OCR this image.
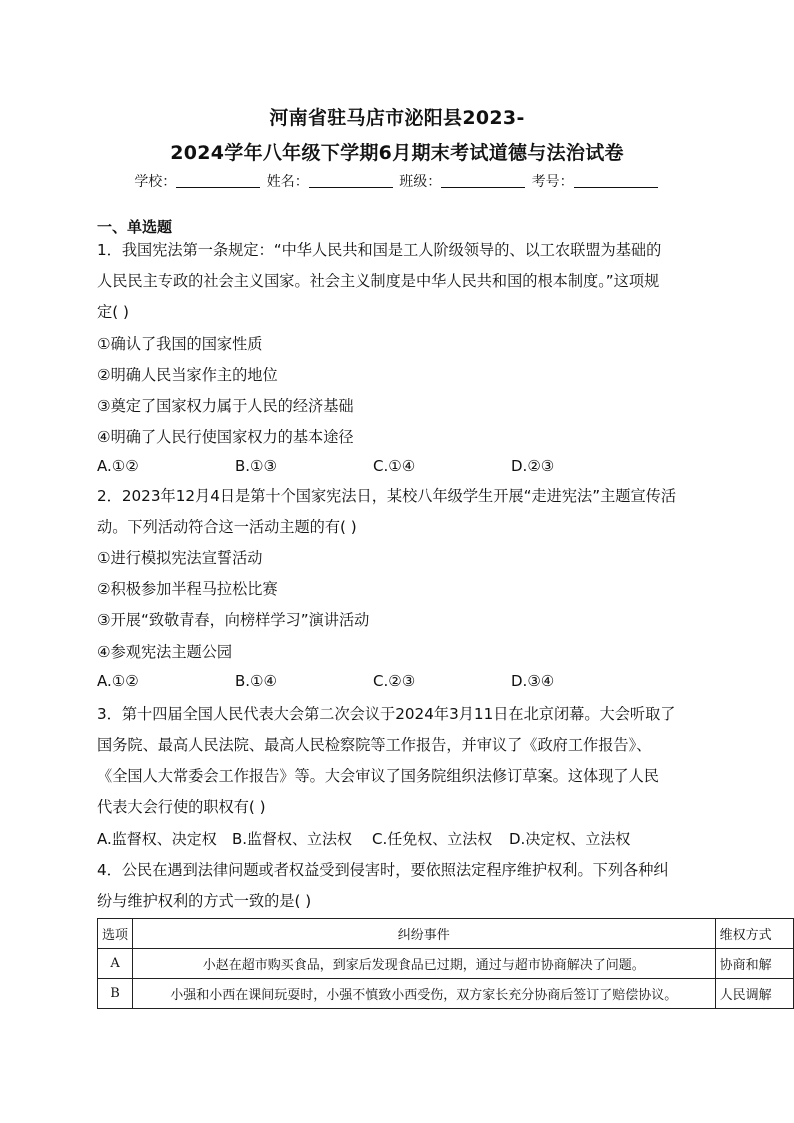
河南省驻马店市泌阳县2023-
2024学年八年级下学期6月期末考试道德与法治试卷
学校：	姓名：	班级：	考号：
一、单选题
1．我国宪法第一条规定：“中华人民共和国是工人阶级领导的、以工农联盟为基础的
人民民主专政的社会主义国家。社会主义制度是中华人民共和国的根本制度。”这项规
定( )
①确认了我国的国家性质
②明确人民当家作主的地位
③奠定了国家权力属于人民的经济基础
④明确了人民行使国家权力的基本途径
A.①②	B.①③	C.①④	D.②③
2．2023年12月4日是第十个国家宪法日，某校八年级学生开展“走进宪法”主题宣传活
动。下列活动符合这一活动主题的有( )
①进行模拟宪法宣誓活动
②积极参加半程马拉松比赛
③开展“致敬青春，向榜样学习”演讲活动
④参观宪法主题公园
A.①②	B.①④	C.②③	D.③④
3．第十四届全国人民代表大会第二次会议于2024年3月11日在北京闭幕。大会听取了
国务院、最高人民法院、最高人民检察院等工作报告，并审议了《政府工作报告》、
《全国人大常委会工作报告》等。大会审议了国务院组织法修订草案。这体现了人民
代表大会行使的职权有( )
A.监督权、决定权 B.监督权、立法权 C.任免权、立法权 D.决定权、立法权
4．公民在遇到法律问题或者权益受到侵害时，要依照法定程序维护权利。下列各种纠
纷与维护权利的方式一致的是( )
选项	纠纷事件	维权方式
A	小赵在超市购买食品，到家后发现食品已过期，通过与超市协商解决了问题。	协商和解
B	小强和小西在课间玩耍时，小强不慎致小西受伤，双方家长充分协商后签订了赔偿协议。	人民调解
